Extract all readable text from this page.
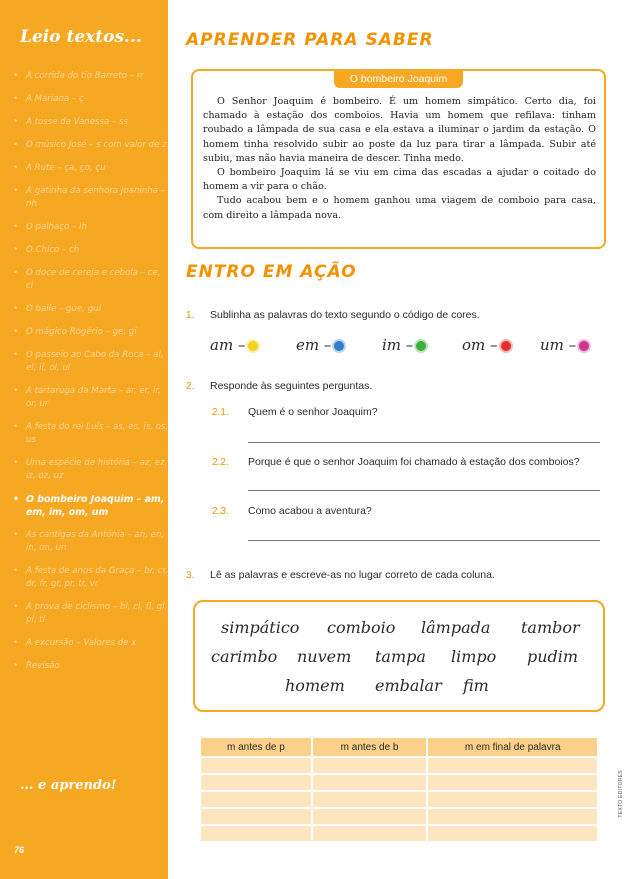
Leio textos...
• A corrida do tio Barreto – rr
• A Mariana – ç
• A tosse da Vanessa – ss
• O músico José – s com valor de z
• A Rute – ça, ço, çu
• A gatinha da senhora Joaninha – nh
• O palhaço – lh
• O Chico – ch
• O doce de cereja e cebola – ce, ci
• O baile – gue, gui
• O mágico Rogério – ge, gi
• O passeio ao Cabo da Roca – al, el, il, ol, ul
• A tartaruga da Marta – ar, er, ir, or, ur
• A festa do rei Luís – as, es, is, os, us
• Uma espécie de história – az, ez, iz, oz, uz
• O bombeiro Joaquim – am, em, im, om, um
• As cantigas da Antónia – an, en, in, on, un
• A festa de anos da Graça – br, cr, dr, fr, gr, pr, tr, vr
• A prova de ciclismo – bl, cl, fl, gl, pl, tl
• A excursão – Valores de x
• Revisão
... e aprendo!
76
APRENDER PARA SABER
O bombeiro Joaquim

O Senhor Joaquim é bombeiro. É um homem simpático. Certo dia, foi chamado à estação dos comboios. Havia um homem que refilava: tinham roubado a lâmpada de sua casa e ela estava a iluminar o jardim da estação. O homem tinha resolvido subir ao poste da luz para tirar a lâmpada. Subir até subiu, mas não havia maneira de descer. Tinha medo.

O bombeiro Joaquim lá se viu em cima das escadas a ajudar o coitado do homem a vir para o chão.

Tudo acabou bem e o homem ganhou uma viagem de comboio para casa, com direito a lâmpada nova.

ENTRO EM AÇÃO
1. Sublinha as palavras do texto segundo o código de cores.
am –	em –	im –	om –	um –
2. Responde às seguintes perguntas.
2.1. Quem é o senhor Joaquim?
2.2. Porque é que o senhor Joaquim foi chamado à estação dos comboios?
2.3. Como acabou a aventura?
3. Lê as palavras e escreve-as no lugar correto de cada coluna.
simpático comboio lâmpada tambor
carimbo nuvem tampa limpo pudim
homem embalar fim
m antes de p	m antes de b	m em final de palavra

TEXTO EDITORES
